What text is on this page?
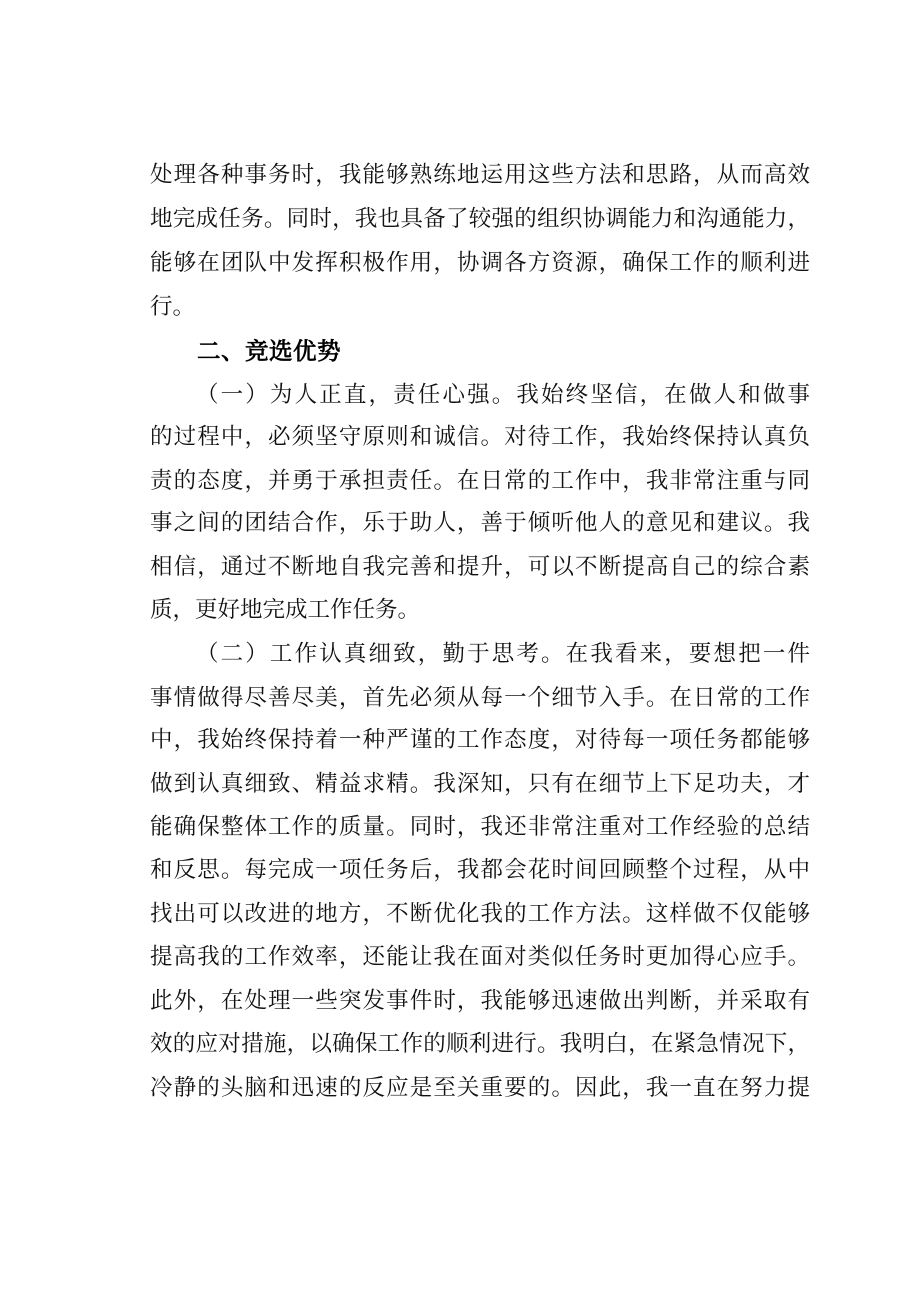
处理各种事务时，我能够熟练地运用这些方法和思路，从而高效
地完成任务。同时，我也具备了较强的组织协调能力和沟通能力，
能够在团队中发挥积极作用，协调各方资源，确保工作的顺利进
行。
二、竞选优势
（一）为人正直，责任心强。我始终坚信，在做人和做事
的过程中，必须坚守原则和诚信。对待工作，我始终保持认真负
责的态度，并勇于承担责任。在日常的工作中，我非常注重与同
事之间的团结合作，乐于助人，善于倾听他人的意见和建议。我
相信，通过不断地自我完善和提升，可以不断提高自己的综合素
质，更好地完成工作任务。
（二）工作认真细致，勤于思考。在我看来，要想把一件
事情做得尽善尽美，首先必须从每一个细节入手。在日常的工作
中，我始终保持着一种严谨的工作态度，对待每一项任务都能够
做到认真细致、精益求精。我深知，只有在细节上下足功夫，才
能确保整体工作的质量。同时，我还非常注重对工作经验的总结
和反思。每完成一项任务后，我都会花时间回顾整个过程，从中
找出可以改进的地方，不断优化我的工作方法。这样做不仅能够
提高我的工作效率，还能让我在面对类似任务时更加得心应手。
此外，在处理一些突发事件时，我能够迅速做出判断，并采取有
效的应对措施，以确保工作的顺利进行。我明白，在紧急情况下，
冷静的头脑和迅速的反应是至关重要的。因此，我一直在努力提
